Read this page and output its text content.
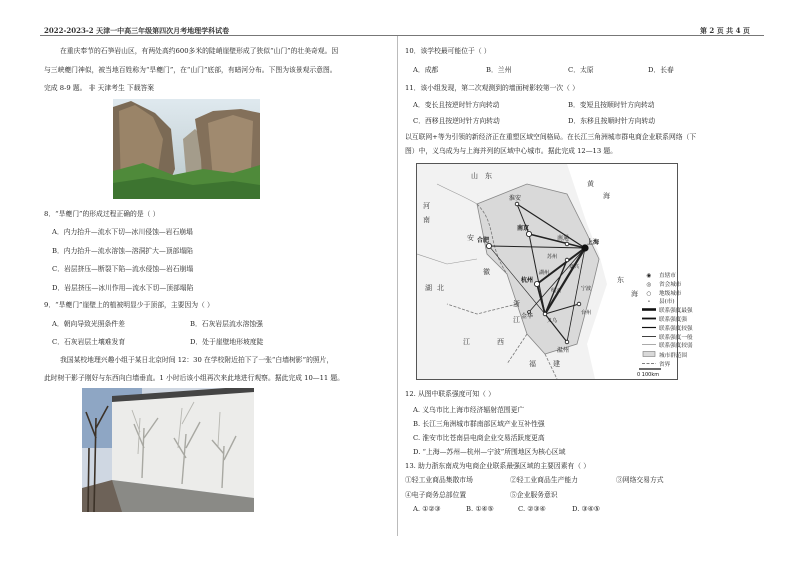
2022-2023-2 天津一中高三年级第四次月考地理学科试卷	第 2 页 共 4 页
在重庆奉节的石笋岩山区，有两处高约600多米的陡峭崖壁形成了狭似“山门”的壮美奇观。因
与三峡夔门神似，被当地百姓称为“旱夔门”，在“山门”底部，有暗河分布。下图为该景观示意图。
完成 8-9 题。 非 天津考生 下载答案
8．“旱夔门”的形成过程正确的是（ ）
A．内力抬升—流水下切—冰川侵蚀—岩石崩塌
B．内力抬升—流水溶蚀—溶洞扩大—顶部塌陷
C．岩层挤压—断裂下陷—流水侵蚀—岩石崩塌
D．岩层挤压—冰川作用—流水下切—顶部塌陷
9．“旱夔门”崖壁上的植被明显少于顶部，主要因为（ ）
A．朝向导致光照条件差	B．石灰岩层流水溶蚀强
C．石灰岩层土壤难发育	D．处于崖壁地形坡度陡
我国某校地理兴趣小组于某日北京时间 12：30 在学校附近拍下了一张“白墙树影”的照片，
此时树干影子刚好与东西向白墙垂直。1 小时后该小组再次来此地进行观察。据此完成 10—11 题。
10．该学校最可能位于（ ）
A．成都	B．兰州	C．太原	D．长春
11．该小组发现，第二次观测到的墙面树影较第一次（ ）
A．变长且按逆时针方向转动	B．变短且按顺时针方向转动
C．西移且按逆时针方向转动	D．东移且按顺时针方向转动
以互联网+等为引领的新经济正在重塑区域空间格局。在长江三角洲城市群电商企业联系网络（下
图）中，义乌成为与上海并列的区域中心城市。据此完成 12—13 题。
山 东
黄
海
河
南
安
徽
湖 北
江	西
浙
江
东
海
福 建
淮安
南京
合肥	南通
上海
苏州
嘉兴
杭州
湖州
绍兴	宁波
金华
义乌
温州
台州
0 100km
◉	直辖市
◎	省会城市
○	地级城市
∘	县(市)
联系强度最强
联系强度强
联系强度较强
联系强度一般
联系强度较弱
城市群范围
省界
12. 从图中联系强度可知（ ）
A. 义乌市比上海市经济辐射范围更广
B. 长江三角洲城市群南部区域产业互补性强
C. 淮安市比苍南县电商企业交易活跃度更高
D. “上海—苏州—杭州—宁波”所围地区为核心区域
13. 助力浙东南成为电商企业联系最强区域的主要因素有（ ）
①轻工业商品集散市场	②轻工业商品生产能力	③网络交易方式
④电子商务总部位置	⑤企业服务意识
A. ①②③	B. ①④⑤	C. ②③④	D. ③④⑤
